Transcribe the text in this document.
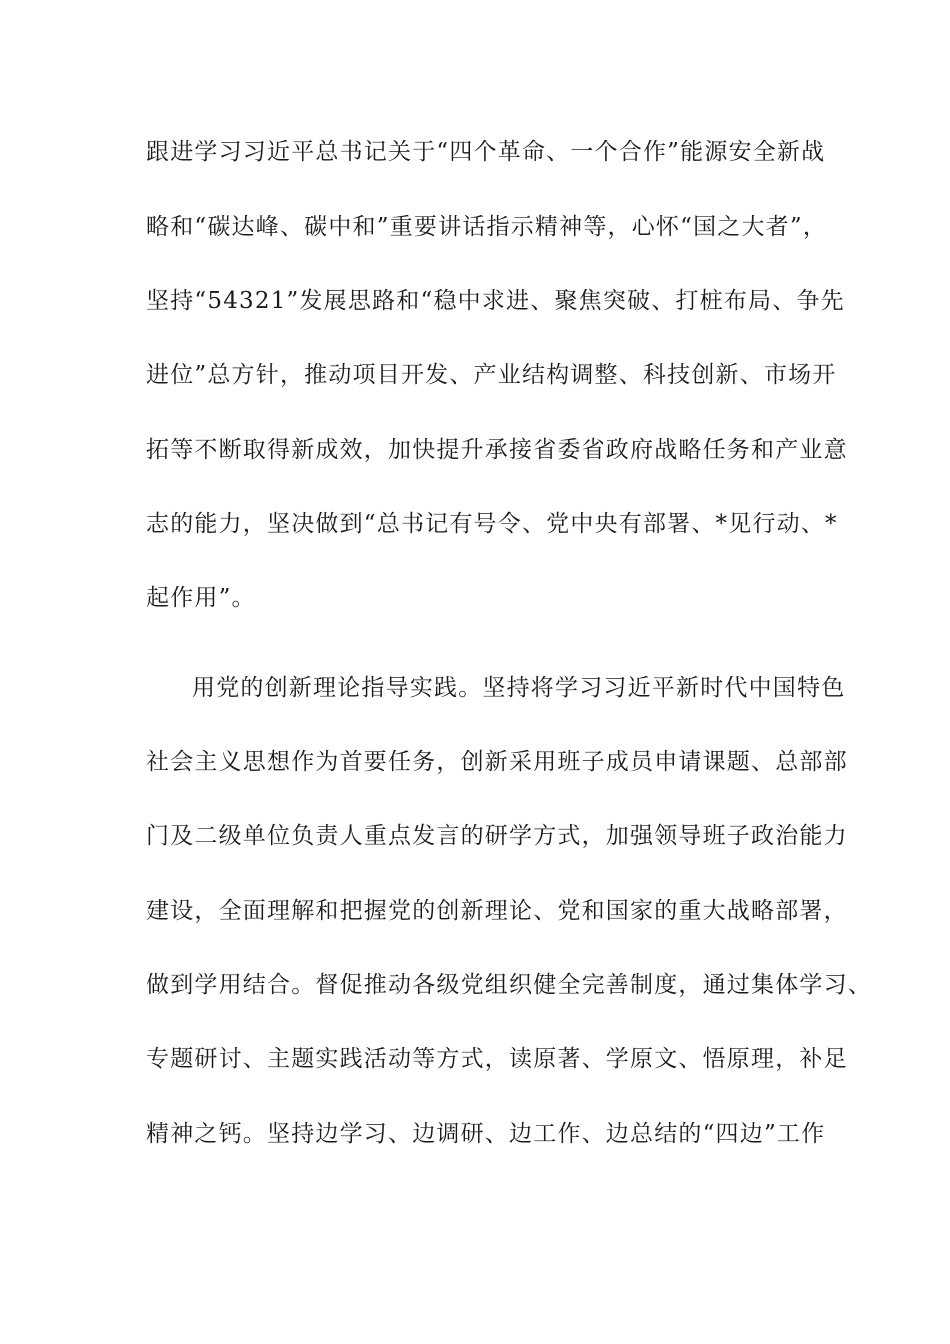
跟进学习习近平总书记关于“四个革命、一个合作”能源安全新战
略和“碳达峰、碳中和”重要讲话指示精神等，心怀“国之大者”，
坚持“54321”发展思路和“稳中求进、聚焦突破、打桩布局、争先
进位”总方针，推动项目开发、产业结构调整、科技创新、市场开
拓等不断取得新成效，加快提升承接省委省政府战略任务和产业意
志的能力，坚决做到“总书记有号令、党中央有部署、*见行动、*
起作用”。
用党的创新理论指导实践。坚持将学习习近平新时代中国特色
社会主义思想作为首要任务，创新采用班子成员申请课题、总部部
门及二级单位负责人重点发言的研学方式，加强领导班子政治能力
建设，全面理解和把握党的创新理论、党和国家的重大战略部署，
做到学用结合。督促推动各级党组织健全完善制度，通过集体学习、
专题研讨、主题实践活动等方式，读原著、学原文、悟原理，补足
精神之钙。坚持边学习、边调研、边工作、边总结的“四边”工作
